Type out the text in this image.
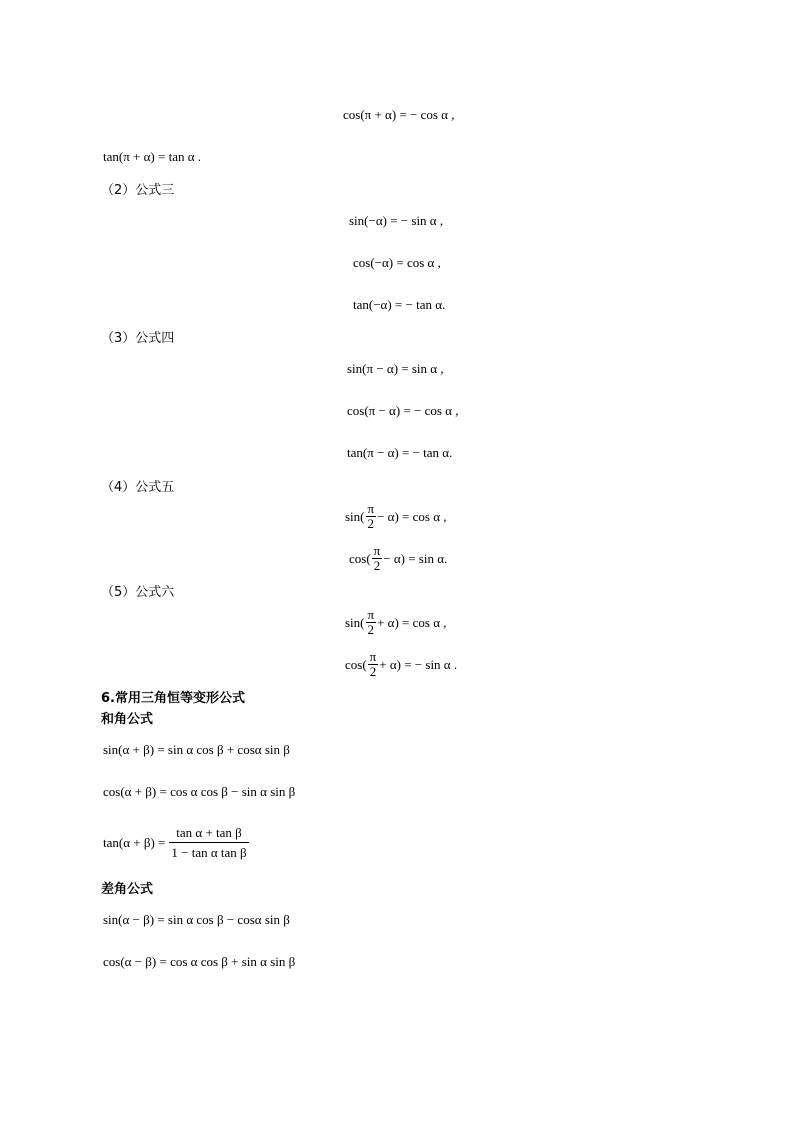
cos(π + α) = − cos α ,
tan(π + α) = tan α .
（2）公式三
sin(−α) = − sin α ,
cos(−α) = cos α ,
tan(−α) = − tan α.
（3）公式四
sin(π − α) = sin α ,
cos(π − α) = − cos α ,
tan(π − α) = − tan α.
（4）公式五
$\sin( \frac{\pi}{2} - \alpha) = \cos \alpha$ ,
$\cos( \frac{\pi}{2} - \alpha) = \sin \alpha$.
（5）公式六
$\sin( \frac{\pi}{2} + \alpha) = \cos \alpha$ ,
$\cos( \frac{\pi}{2} + \alpha)$ = − sin α .
6.常用三角恒等变形公式
和角公式
sin(α + β) = sin α cos β + cosα sin β
cos(α + β) = cos α cos β − sin α sin β
$\tan(\alpha + \beta) = \frac{\text{tan α + tan β}}{\text{1 − tan α tan β}}$
差角公式
sin(α − β) = sin α cos β − cosα sin β
cos(α − β) = cos α cos β + sin α sin β
